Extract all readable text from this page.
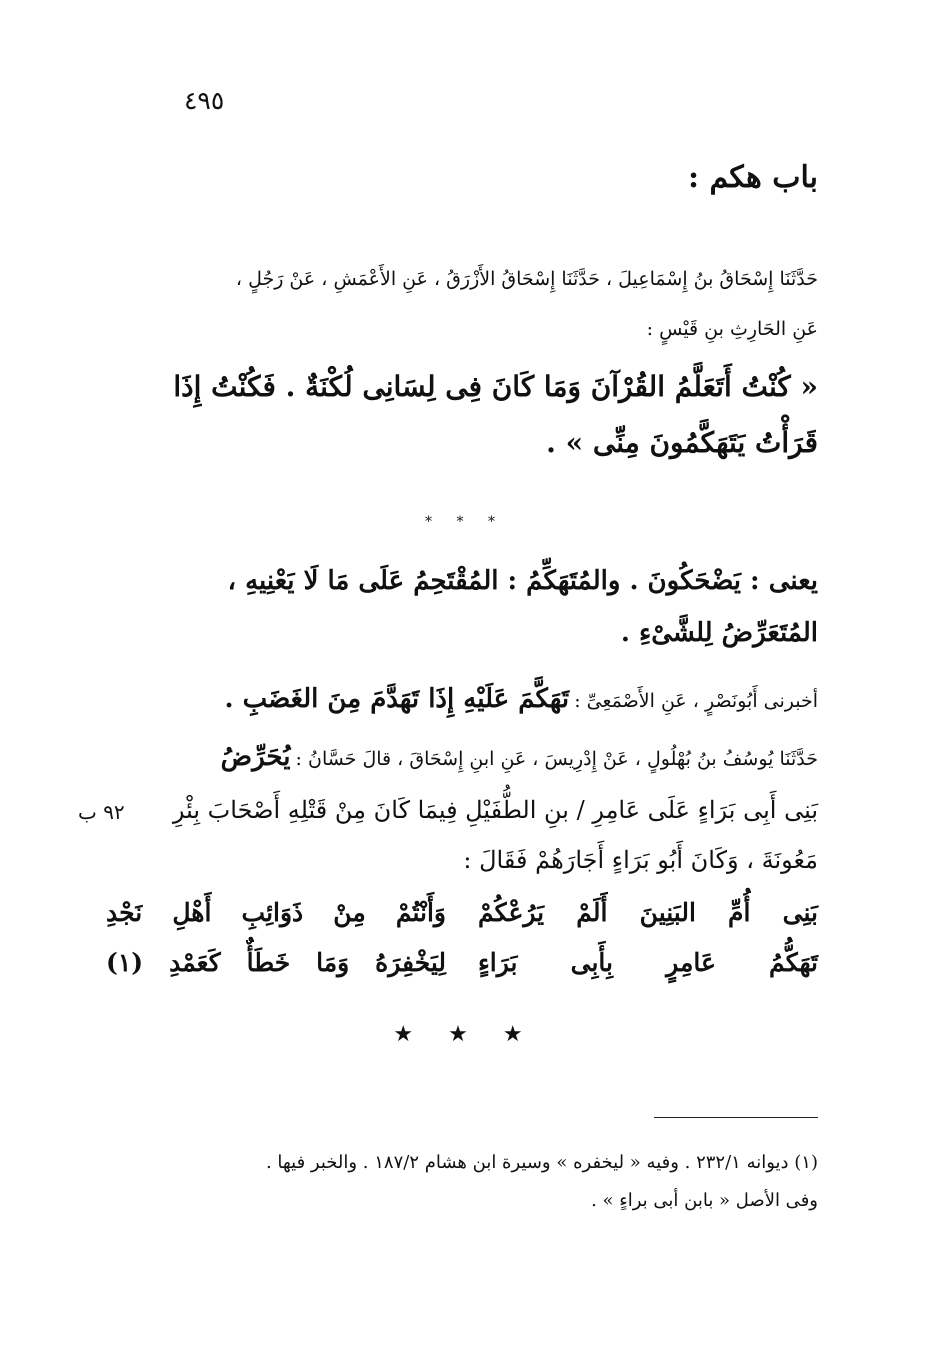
٤٩٥
باب هكم :
حَدَّثَنَا إِسْحَاقُ بنُ إِسْمَاعِيلَ ، حَدَّثَنَا إِسْحَاقُ الأَزْرَقُ ، عَنِ الأَعْمَشِ ، عَنْ رَجُلٍ ،
عَنِ الحَارِثِ بنِ قَيْسٍ :
« كُنْتُ أَتَعَلَّمُ القُرْآنَ وَمَا كَانَ فِى لِسَانِى لُكْنَةٌ . فَكُنْتُ إِذَا
قَرَأْتُ يَتَهَكَّمُونَ مِنِّى » .
* * *
يعنى : يَضْحَكُونَ . والمُتَهَكِّمُ : المُقْتَحِمُ عَلَى مَا لَا يَعْنِيهِ ،
المُتَعَرِّضُ لِلشَّىْءِ .
أخبرنى أَبُونَصْرٍ ، عَنِ الأَصْمَعِىِّ : تَهَكَّمَ عَلَيْهِ إِذَا تَهَدَّمَ مِنَ الغَضَبِ .
حَدَّثَنَا يُوسُفُ بنُ بُهْلُولٍ ، عَنْ إِدْرِيسَ ، عَنِ ابنِ إِسْحَاقَ ، قالَ حَسَّانُ : يُحَرِّضُ
بَنِى أَبِى بَرَاءٍ عَلَى عَامِرِ / بنِ الطُّفَيْلِ فِيمَا كَانَ مِنْ قَتْلِهِ أَصْحَابَ بِئْرِ
٩٢ ب
مَعُونَةَ ، وَكَانَ أَبُو بَرَاءٍ أَجَارَهُمْ فَقَالَ :
بَنِى أُمِّ البَنِينَ أَلَمْ يَرُعْكُمْ
وَأَنْتُمْ مِنْ ذَوَائِبِ أَهْلِ نَجْدِ
تَهَكُّمُ عَامِرٍ بِأَبِى بَرَاءٍ
لِيَخْفِرَهُ وَمَا خَطَأٌ كَعَمْدِ (١)
★ ★ ★
(١) ديوانه ٢٣٢/١ . وفيه « ليخفره » وسيرة ابن هشام ١٨٧/٢ . والخبر فيها .
وفى الأصل « بابن أبى براءٍ » .
